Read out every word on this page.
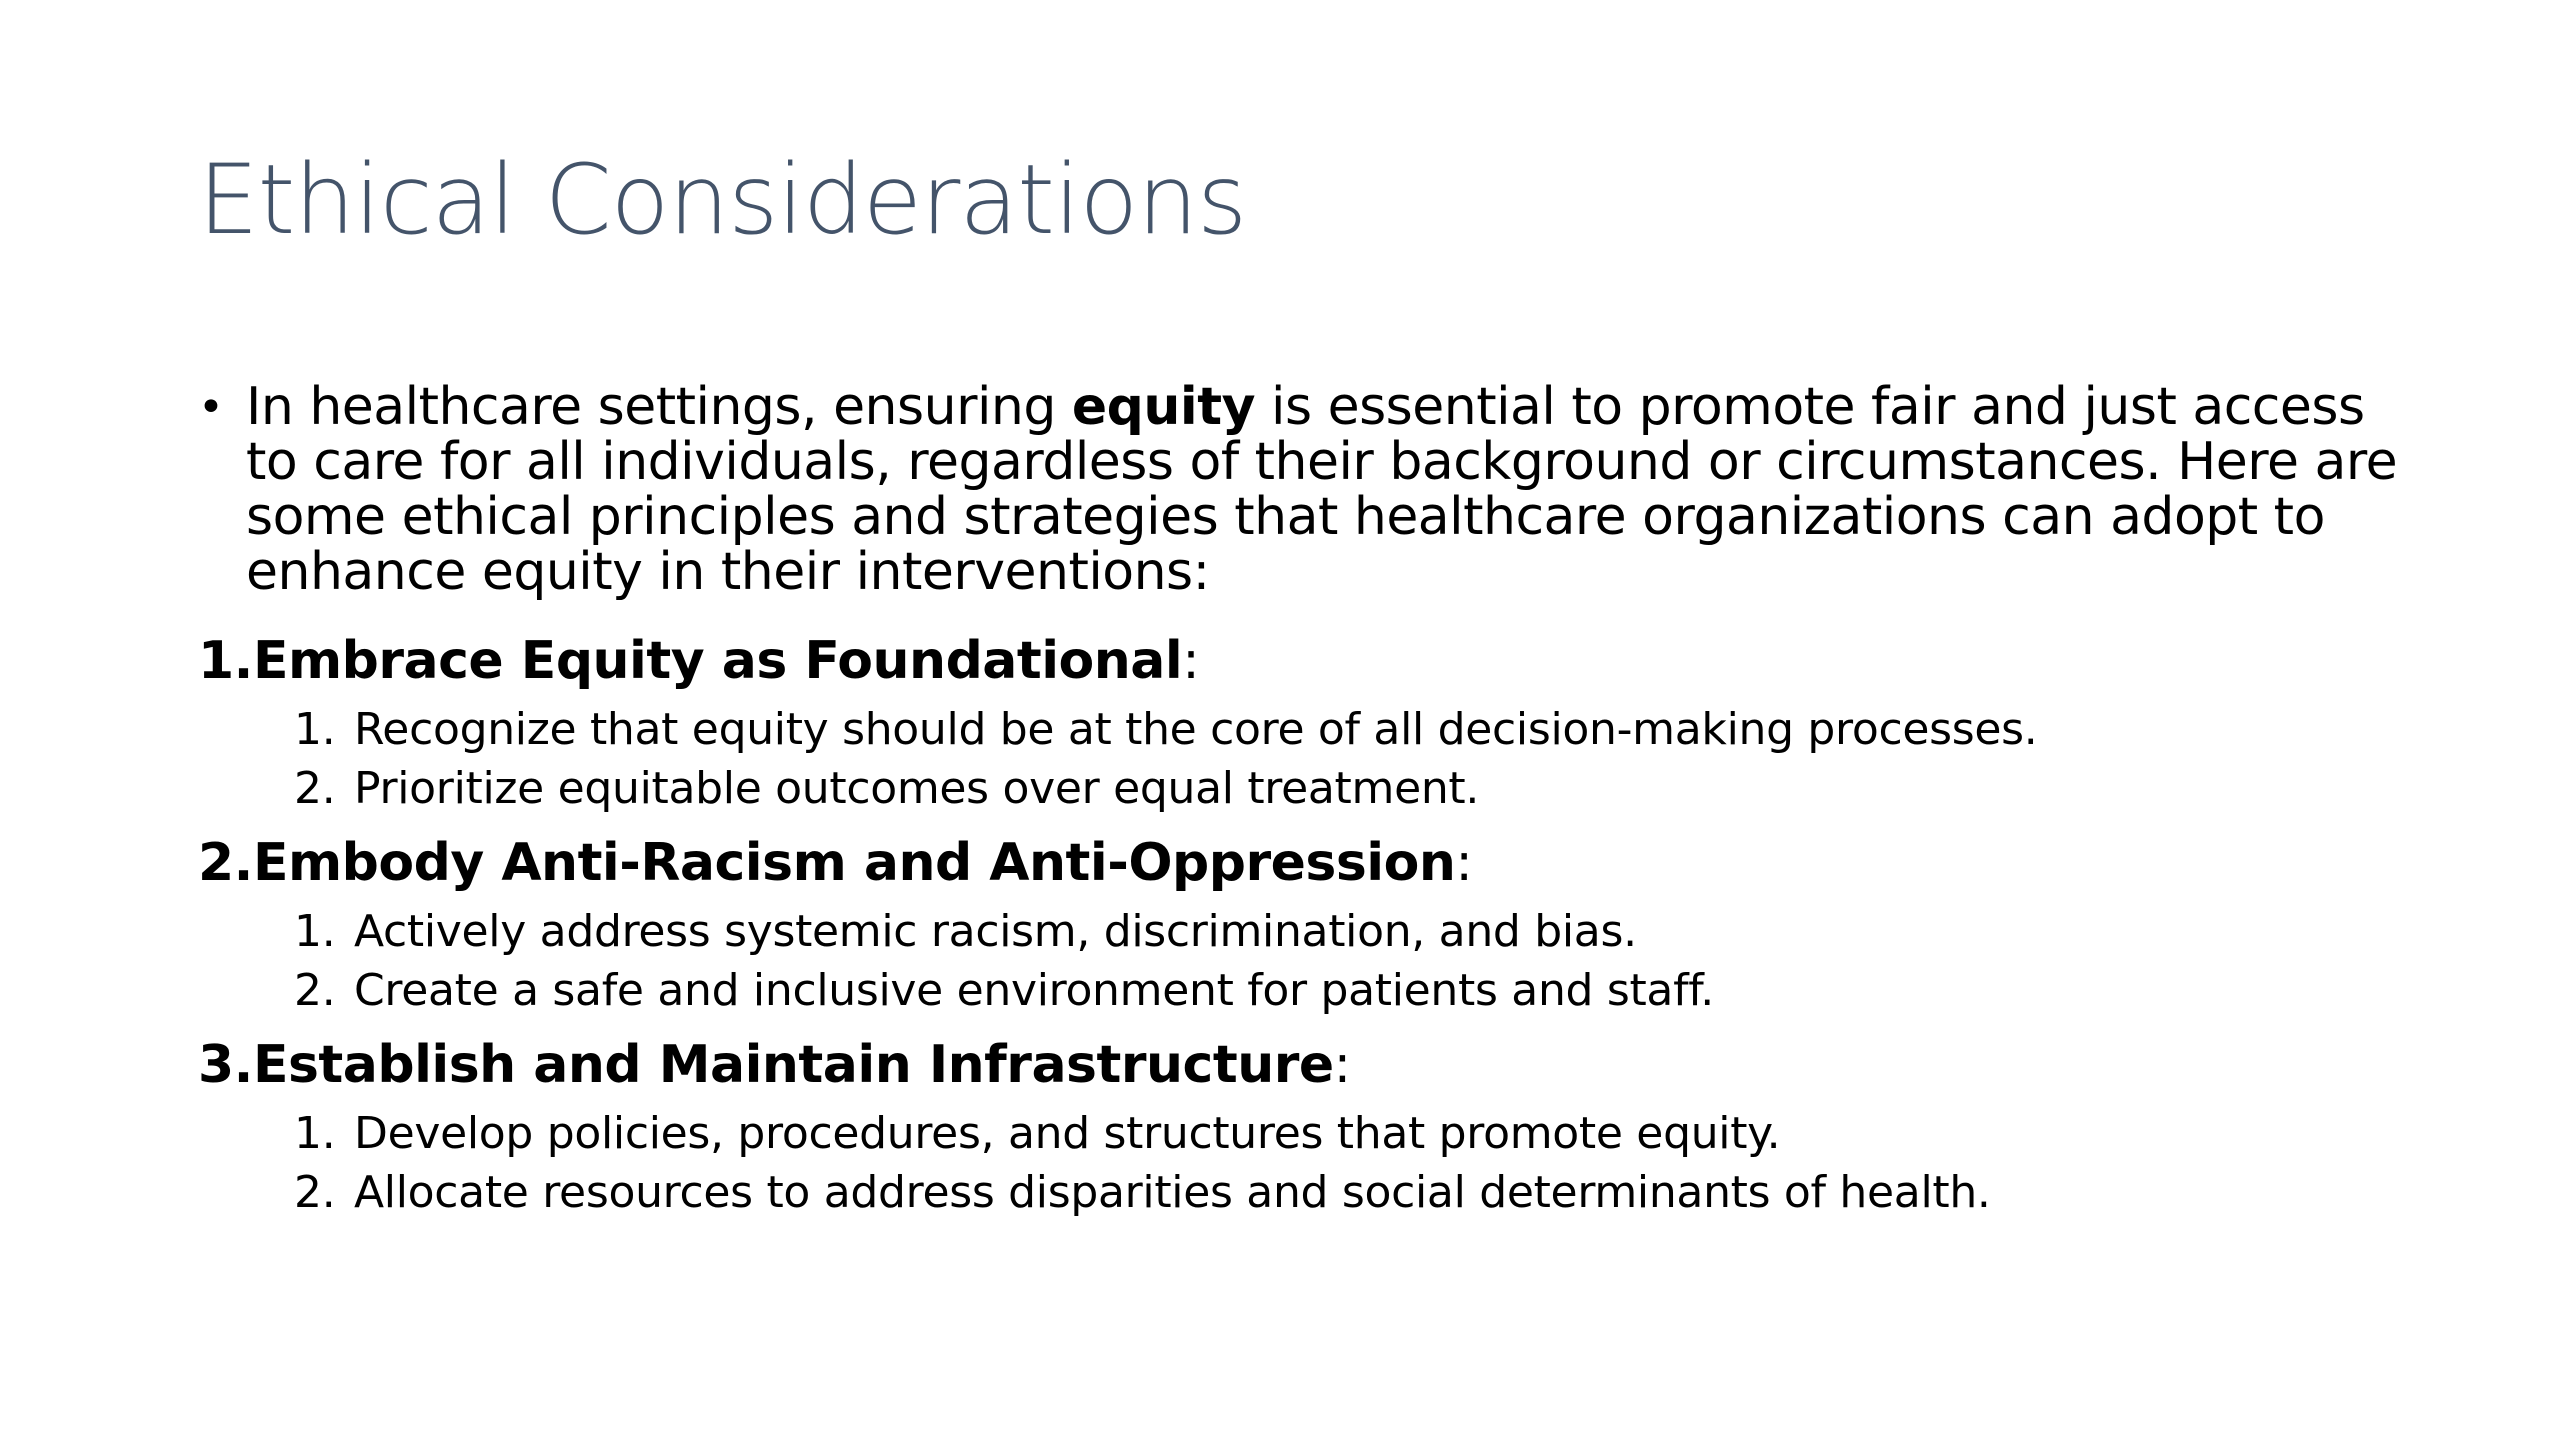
Ethical Considerations

• In healthcare settings, ensuring equity is essential to promote fair and just access to care for all individuals, regardless of their background or circumstances. Here are some ethical principles and strategies that healthcare organizations can adopt to enhance equity in their interventions:

1.Embrace Equity as Foundational:
1. Recognize that equity should be at the core of all decision-making processes.
2. Prioritize equitable outcomes over equal treatment.
2.Embody Anti-Racism and Anti-Oppression:
1. Actively address systemic racism, discrimination, and bias.
2. Create a safe and inclusive environment for patients and staff.
3.Establish and Maintain Infrastructure:
1. Develop policies, procedures, and structures that promote equity.
2. Allocate resources to address disparities and social determinants of health.
